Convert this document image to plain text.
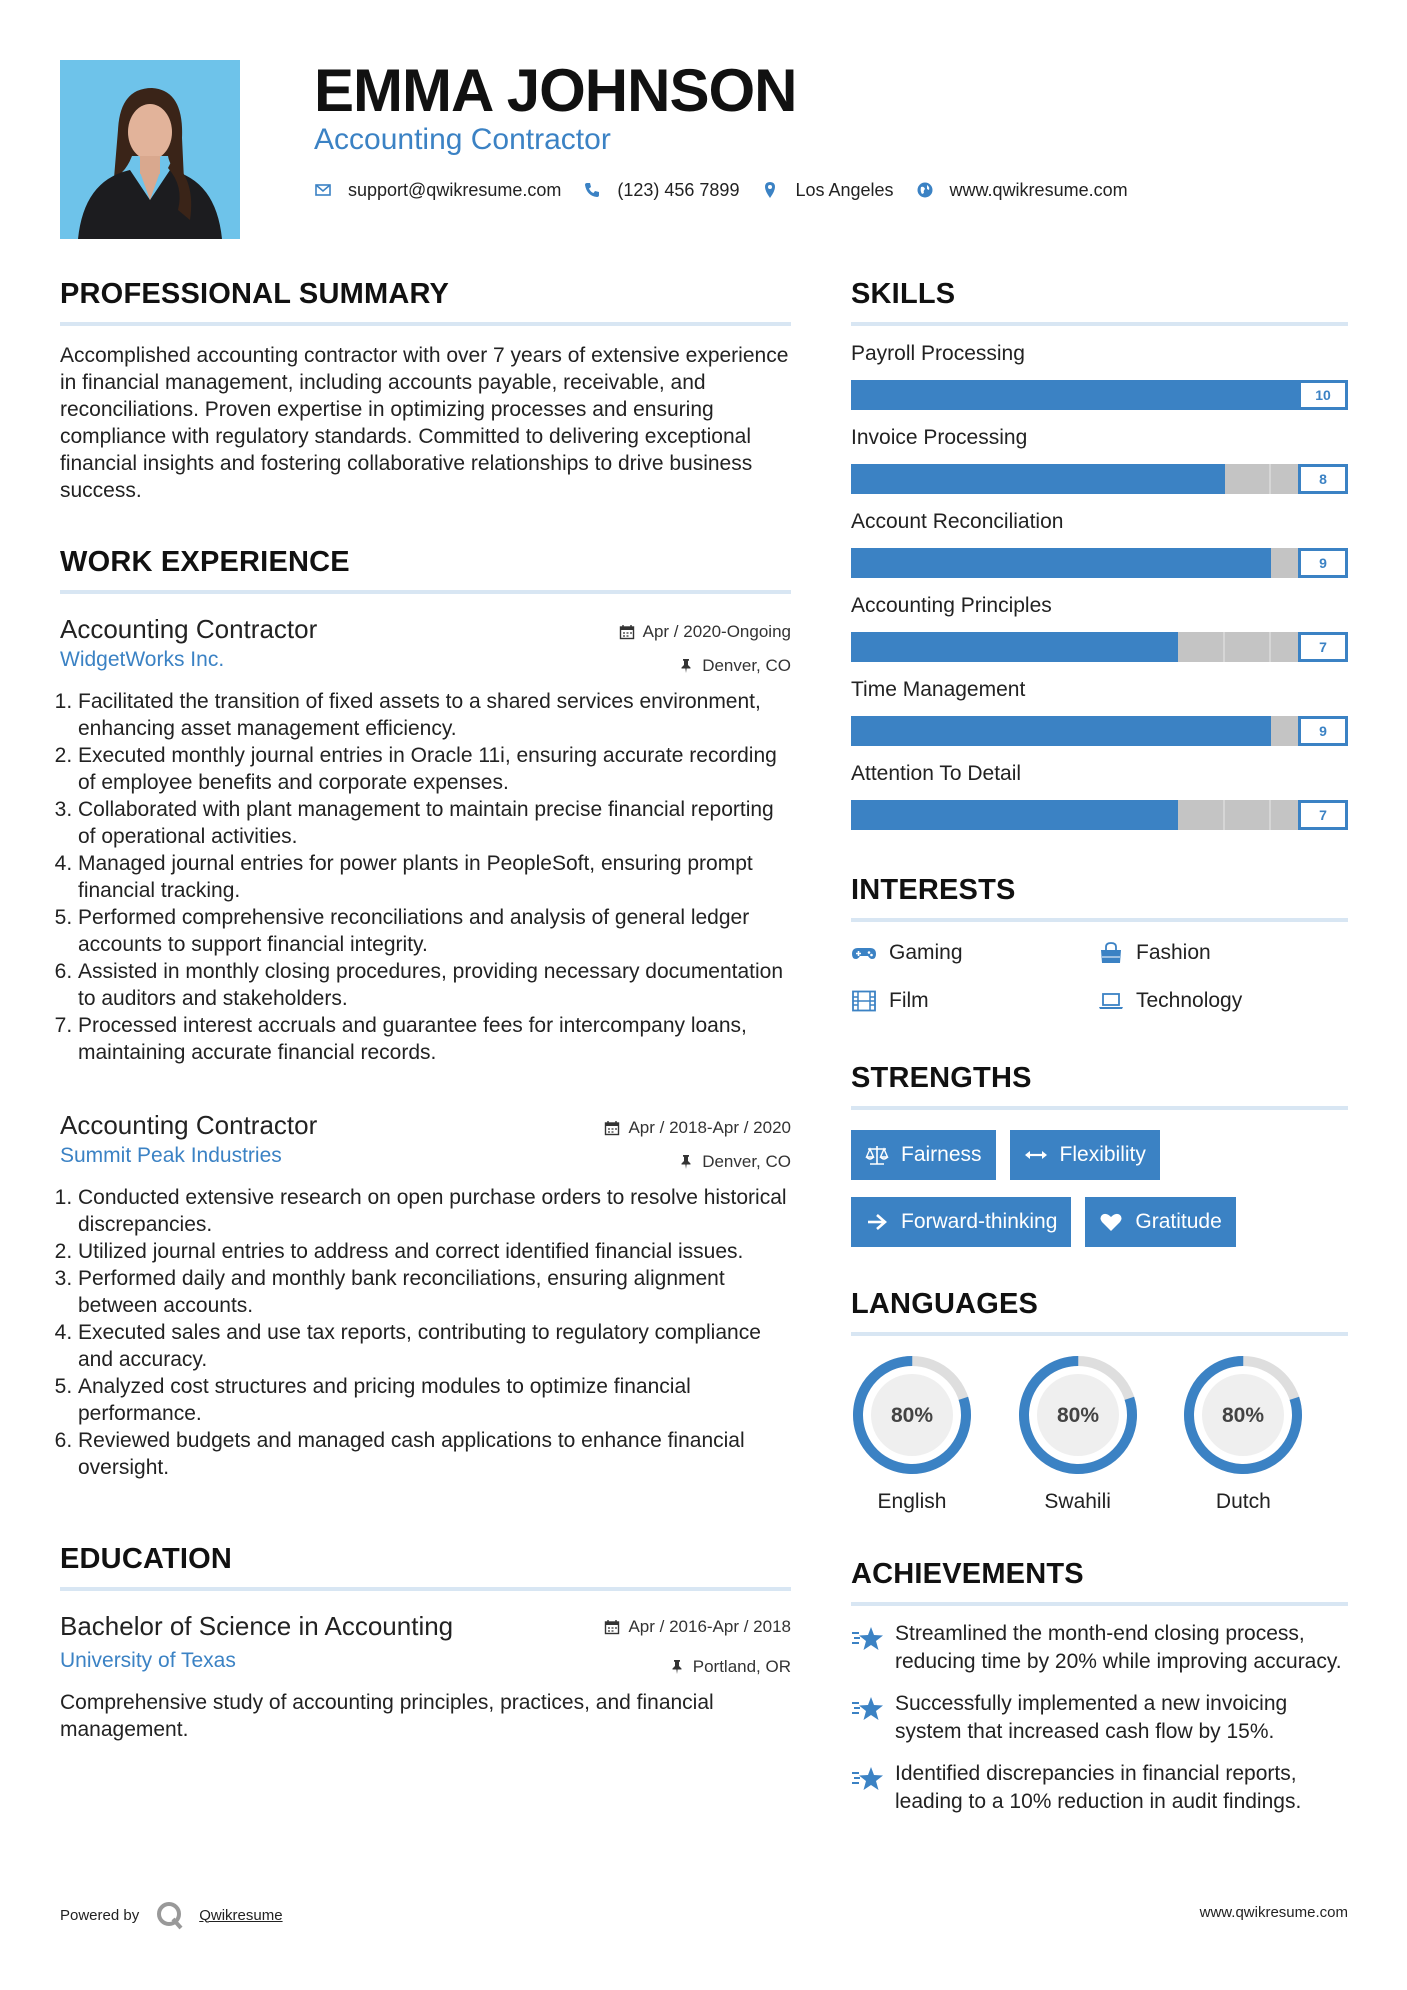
EMMA JOHNSON
Accounting Contractor
support@qwikresume.com	(123) 456 7899	Los Angeles	www.qwikresume.com
PROFESSIONAL SUMMARY

Accomplished accounting contractor with over 7 years of extensive experience in financial management, including accounts payable, receivable, and reconciliations. Proven expertise in optimizing processes and ensuring compliance with regulatory standards. Committed to delivering exceptional financial insights and fostering collaborative relationships to drive business success.

WORK EXPERIENCE
Apr / 2020-Ongoing
Denver, CO
Accounting Contractor
WidgetWorks Inc.
1. Facilitated the transition of fixed assets to a shared services environment, enhancing asset management efficiency.
2. Executed monthly journal entries in Oracle 11i, ensuring accurate recording of employee benefits and corporate expenses.
3. Collaborated with plant management to maintain precise financial reporting of operational activities.
4. Managed journal entries for power plants in PeopleSoft, ensuring prompt financial tracking.
5. Performed comprehensive reconciliations and analysis of general ledger accounts to support financial integrity.
6. Assisted in monthly closing procedures, providing necessary documentation to auditors and stakeholders.
7. Processed interest accruals and guarantee fees for intercompany loans, maintaining accurate financial records.
Apr / 2018-Apr / 2020
Denver, CO
Accounting Contractor
Summit Peak Industries
1. Conducted extensive research on open purchase orders to resolve historical discrepancies.
2. Utilized journal entries to address and correct identified financial issues.
3. Performed daily and monthly bank reconciliations, ensuring alignment between accounts.
4. Executed sales and use tax reports, contributing to regulatory compliance and accuracy.
5. Analyzed cost structures and pricing modules to optimize financial performance.
6. Reviewed budgets and managed cash applications to enhance financial oversight.
EDUCATION
Apr / 2016-Apr / 2018
Portland, OR
Bachelor of Science in Accounting
University of Texas

Comprehensive study of accounting principles, practices, and financial management.

SKILLS
Payroll Processing
10
Invoice Processing
8
Account Reconciliation
9
Accounting Principles
7
Time Management
9
Attention To Detail
7
INTERESTS
Gaming	Fashion
Film	Technology
STRENGTHS
Fairness	Flexibility
Forward-thinking	Gratitude
LANGUAGES
80%
English
80%
Swahili
80%
Dutch
ACHIEVEMENTS
Streamlined the month-end closing process, reducing time by 20% while improving accuracy.
Successfully implemented a new invoicing system that increased cash flow by 15%.
Identified discrepancies in financial reports, leading to a 10% reduction in audit findings.
Powered by	Qwikresume	www.qwikresume.com
